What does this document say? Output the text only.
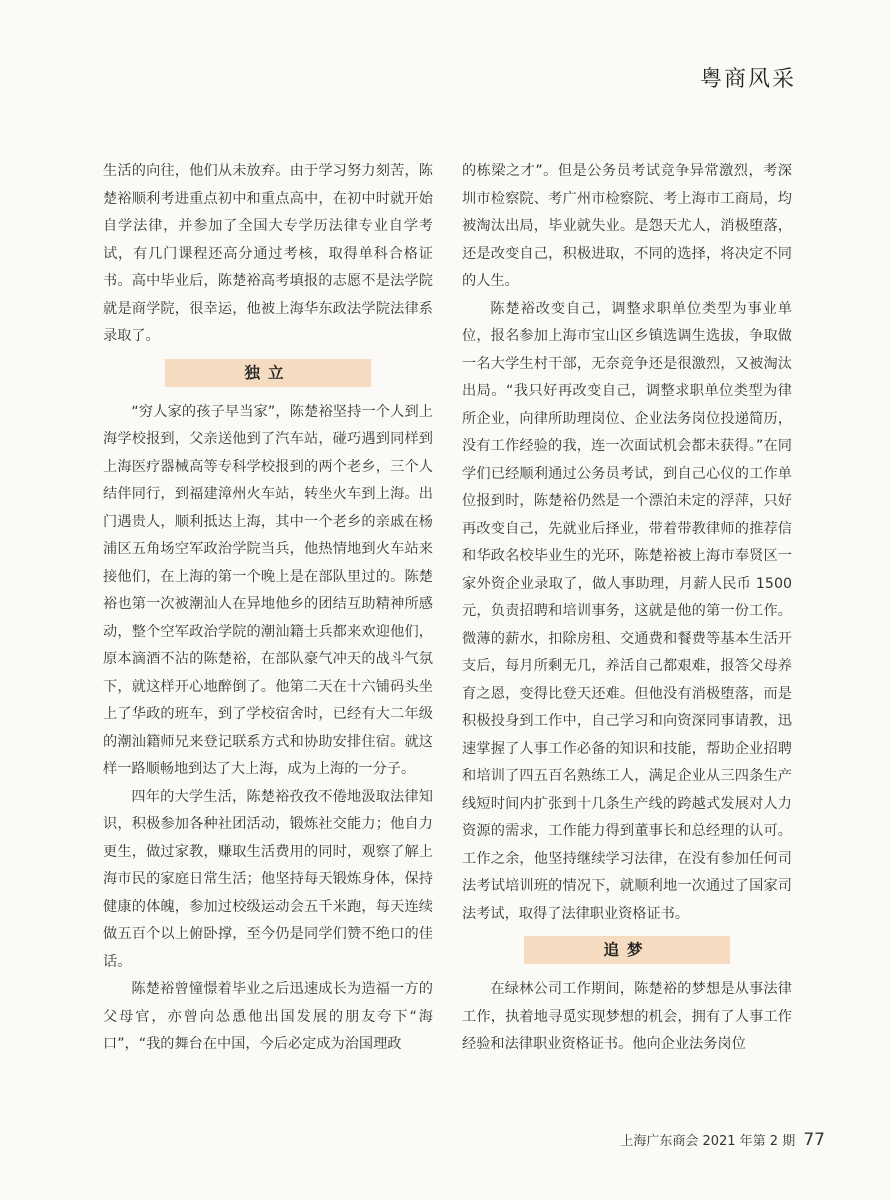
粤商风采

生活的向往，他们从未放弃。由于学习努力刻苦，陈楚裕顺利考进重点初中和重点高中，在初中时就开始自学法律，并参加了全国大专学历法律专业自学考试，有几门课程还高分通过考核，取得单科合格证书。高中毕业后，陈楚裕高考填报的志愿不是法学院就是商学院，很幸运，他被上海华东政法学院法律系录取了。

独立

“穷人家的孩子早当家”，陈楚裕坚持一个人到上海学校报到，父亲送他到了汽车站，碰巧遇到同样到上海医疗器械高等专科学校报到的两个老乡，三个人结伴同行，到福建漳州火车站，转坐火车到上海。出门遇贵人，顺利抵达上海，其中一个老乡的亲戚在杨浦区五角场空军政治学院当兵，他热情地到火车站来接他们，在上海的第一个晚上是在部队里过的。陈楚裕也第一次被潮汕人在异地他乡的团结互助精神所感动，整个空军政治学院的潮汕籍士兵都来欢迎他们，原本滴酒不沾的陈楚裕，在部队豪气冲天的战斗气氛下，就这样开心地醉倒了。他第二天在十六铺码头坐上了华政的班车，到了学校宿舍时，已经有大二年级的潮汕籍师兄来登记联系方式和协助安排住宿。就这样一路顺畅地到达了大上海，成为上海的一分子。

四年的大学生活，陈楚裕孜孜不倦地汲取法律知识，积极参加各种社团活动，锻炼社交能力；他自力更生，做过家教，赚取生活费用的同时，观察了解上海市民的家庭日常生活；他坚持每天锻炼身体，保持健康的体魄，参加过校级运动会五千米跑，每天连续做五百个以上俯卧撑，至今仍是同学们赞不绝口的佳话。

陈楚裕曾憧憬着毕业之后迅速成长为造福一方的父母官，亦曾向怂恿他出国发展的朋友夸下“海口”，“我的舞台在中国，今后必定成为治国理政

的栋梁之才”。但是公务员考试竞争异常激烈，考深圳市检察院、考广州市检察院、考上海市工商局，均被淘汰出局，毕业就失业。是怨天尤人，消极堕落，还是改变自己，积极进取，不同的选择，将决定不同的人生。

陈楚裕改变自己，调整求职单位类型为事业单位，报名参加上海市宝山区乡镇选调生选拔，争取做一名大学生村干部，无奈竞争还是很激烈，又被淘汰出局。“我只好再改变自己，调整求职单位类型为律所企业，向律所助理岗位、企业法务岗位投递简历，没有工作经验的我，连一次面试机会都未获得。”在同学们已经顺利通过公务员考试，到自己心仪的工作单位报到时，陈楚裕仍然是一个漂泊未定的浮萍，只好再改变自己，先就业后择业，带着带教律师的推荐信和华政名校毕业生的光环，陈楚裕被上海市奉贤区一家外资企业录取了，做人事助理，月薪人民币 1500 元，负责招聘和培训事务，这就是他的第一份工作。微薄的薪水，扣除房租、交通费和餐费等基本生活开支后，每月所剩无几，养活自己都艰难，报答父母养育之恩，变得比登天还难。但他没有消极堕落，而是积极投身到工作中，自己学习和向资深同事请教，迅速掌握了人事工作必备的知识和技能，帮助企业招聘和培训了四五百名熟练工人，满足企业从三四条生产线短时间内扩张到十几条生产线的跨越式发展对人力资源的需求，工作能力得到董事长和总经理的认可。工作之余，他坚持继续学习法律，在没有参加任何司法考试培训班的情况下，就顺利地一次通过了国家司法考试，取得了法律职业资格证书。

追梦

在绿林公司工作期间，陈楚裕的梦想是从事法律工作，执着地寻觅实现梦想的机会，拥有了人事工作经验和法律职业资格证书。他向企业法务岗位

上海广东商会 2021 年第 2 期 77
